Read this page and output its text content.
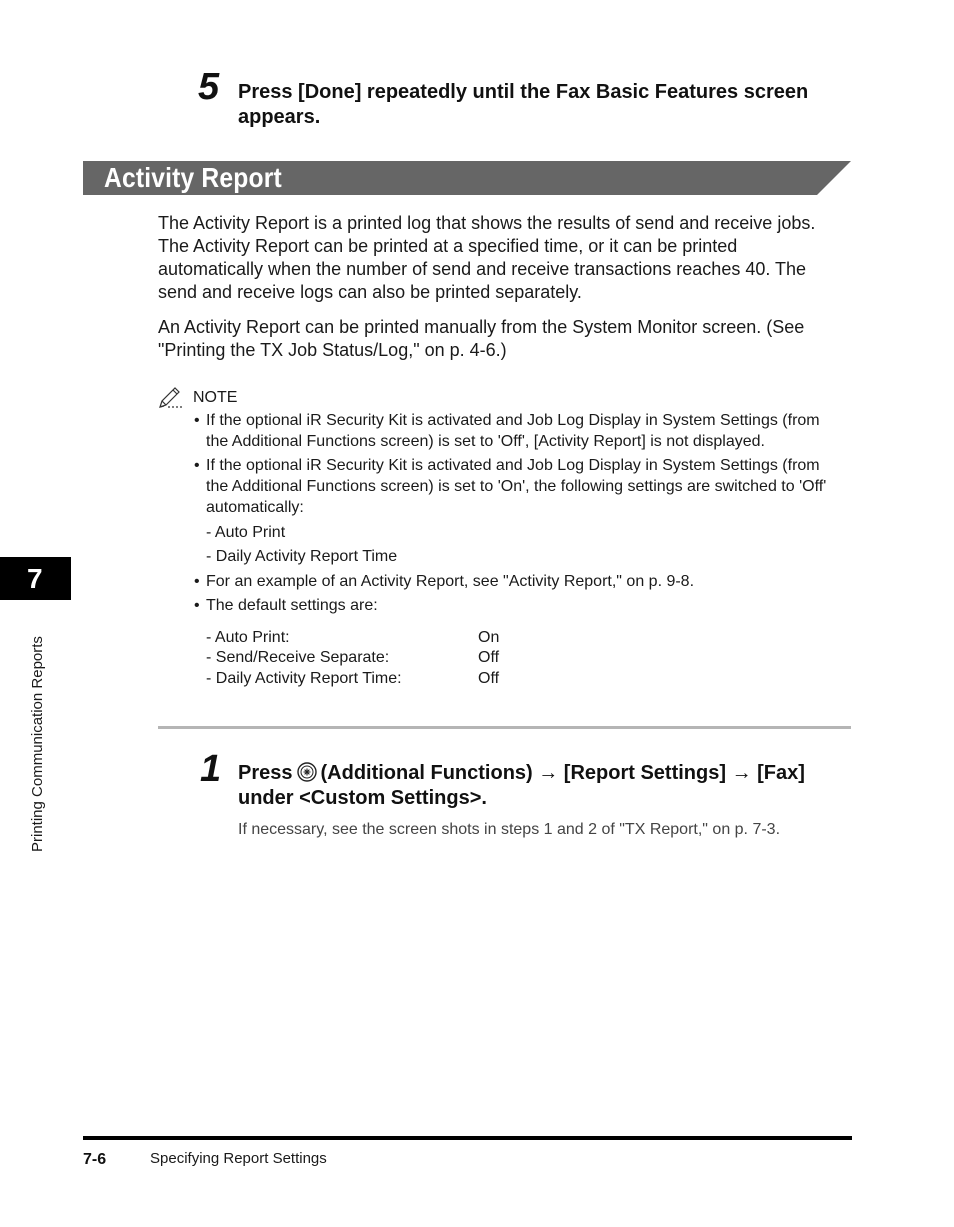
5 Press [Done] repeatedly until the Fax Basic Features screen
appears.
Activity Report
The Activity Report is a printed log that shows the results of send and receive jobs.
The Activity Report can be printed at a specified time, or it can be printed
automatically when the number of send and receive transactions reaches 40. The
send and receive logs can also be printed separately.
An Activity Report can be printed manually from the System Monitor screen. (See
"Printing the TX Job Status/Log," on p. 4-6.)
NOTE
• If the optional iR Security Kit is activated and Job Log Display in System Settings (from
the Additional Functions screen) is set to 'Off', [Activity Report] is not displayed.
• If the optional iR Security Kit is activated and Job Log Display in System Settings (from
the Additional Functions screen) is set to 'On', the following settings are switched to 'Off'
automatically:
- Auto Print
- Daily Activity Report Time
• For an example of an Activity Report, see "Activity Report," on p. 9-8.
• The default settings are:
- Auto Print:	On
- Send/Receive Separate:	Off
- Daily Activity Report Time:	Off
1 Press (Additional Functions) → [Report Settings] → [Fax]
under <Custom Settings>.
If necessary, see the screen shots in steps 1 and 2 of "TX Report," on p. 7-3.
7
Printing Communication Reports
7-6	Specifying Report Settings
